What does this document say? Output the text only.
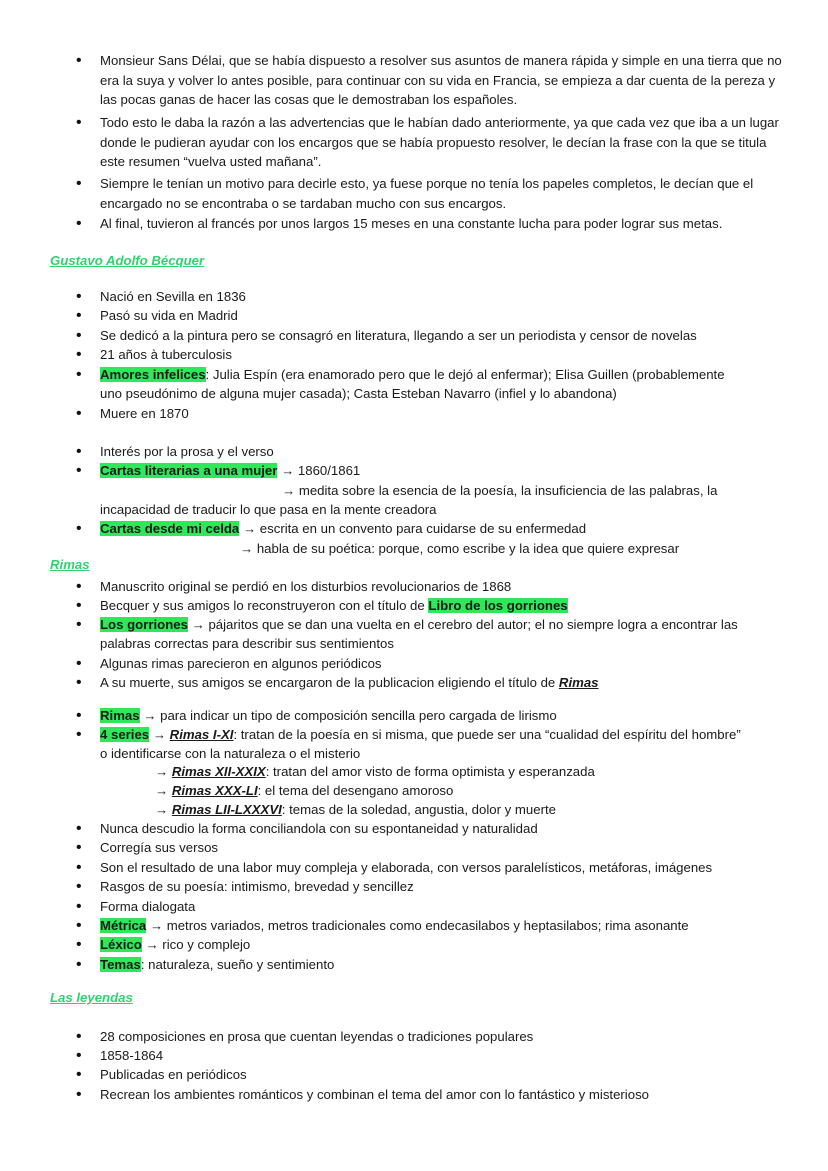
•
Monsieur Sans Délai, que se había dispuesto a resolver sus asuntos de manera rápida y simple en una tierra que no era la suya y volver lo antes posible, para continuar con su vida en Francia, se empieza a dar cuenta de la pereza y las pocas ganas de hacer las cosas que le demostraban los españoles.
•
Todo esto le daba la razón a las advertencias que le habían dado anteriormente, ya que cada vez que iba a un lugar donde le pudieran ayudar con los encargos que se había propuesto resolver, le decían la frase con la que se titula este resumen “vuelva usted mañana”.
•
Siempre le tenían un motivo para decirle esto, ya fuese porque no tenía los papeles completos, le decían que el encargado no se encontraba o se tardaban mucho con sus encargos.
•
Al final, tuvieron al francés por unos largos 15 meses en una constante lucha para poder lograr sus metas.
Gustavo Adolfo Bécquer
•
Nació en Sevilla en 1836
•
Pasó su vida en Madrid
•
Se dedicó a la pintura pero se consagró en literatura, llegando a ser un periodista y censor de novelas
•
21 años à tuberculosis
•
Amores infelices: Julia Espín (era enamorado pero que le dejó al enfermar); Elisa Guillen (probablemente
uno pseudónimo de alguna mujer casada); Casta Esteban Navarro (infiel y lo abandona)
•
Muere en 1870
•
Interés por la prosa y el verso
•
Cartas literarias a una mujer → 1860/1861
→ medita sobre la esencia de la poesía, la insuficiencia de las palabras, la
incapacidad de traducir lo que pasa en la mente creadora
•
Cartas desde mi celda → escrita en un convento para cuidarse de su enfermedad
→ habla de su poética: porque, como escribe y la idea que quiere expresar
Rimas
•
Manuscrito original se perdió en los disturbios revolucionarios de 1868
•
Becquer y sus amigos lo reconstruyeron con el título de Libro de los gorriones
•
Los gorriones → pájaritos que se dan una vuelta en el cerebro del autor; el no siempre logra a encontrar las
palabras correctas para describir sus sentimientos
•
Algunas rimas parecieron en algunos periódicos
•
A su muerte, sus amigos se encargaron de la publicacion eligiendo el título de Rimas
•
Rimas → para indicar un tipo de composición sencilla pero cargada de lirismo
•
4 series → Rimas I-XI: tratan de la poesía en si misma, que puede ser una “cualidad del espíritu del hombre”
o identificarse con la naturaleza o el misterio
→ Rimas XII-XXIX: tratan del amor visto de forma optimista y esperanzada
→ Rimas XXX-LI: el tema del desengano amoroso
→ Rimas LII-LXXXVI: temas de la soledad, angustia, dolor y muerte
•
Nunca descudio la forma conciliandola con su espontaneidad y naturalidad
•
Corregía sus versos
•
Son el resultado de una labor muy compleja y elaborada, con versos paralelísticos, metáforas, imágenes
•
Rasgos de su poesía: intimismo, brevedad y sencillez
•
Forma dialogata
•
Métrica → metros variados, metros tradicionales como endecasilabos y heptasilabos; rima asonante
•
Léxico → rico y complejo
•
Temas: naturaleza, sueño y sentimiento
Las leyendas
•
28 composiciones en prosa que cuentan leyendas o tradiciones populares
•
1858-1864
•
Publicadas en periódicos
•
Recrean los ambientes románticos y combinan el tema del amor con lo fantástico y misterioso
